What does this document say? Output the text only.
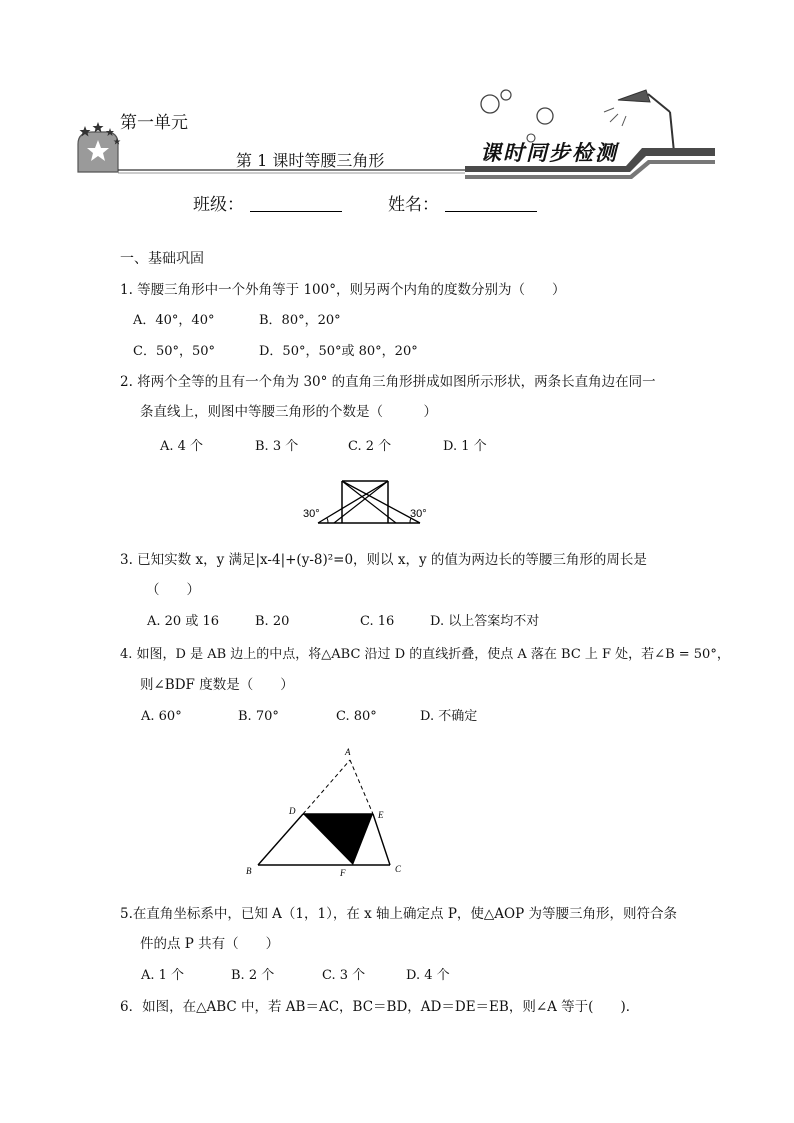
第一单元
第 1 课时等腰三角形	课时同步检测
班级：	姓名：
一、基础巩固
1. 等腰三角形中一个外角等于 100°，则另两个内角的度数分别为（　　）
A．40°，40°	B．80°，20°
C．50°，50°	D．50°，50°或 80°，20°
2. 将两个全等的且有一个角为 30° 的直角三角形拼成如图所示形状，两条长直角边在同一
条直线上，则图中等腰三角形的个数是（　　　）
A. 4 个	B. 3 个	C. 2 个	D. 1 个
30°	30°
3. 已知实数 x，y 满足|x-4|+(y-8)²=0，则以 x，y 的值为两边长的等腰三角形的周长是
（　　）
A. 20 或 16	B. 20	C. 16	D. 以上答案均不对
4. 如图，D 是 AB 边上的中点，将△ABC 沿过 D 的直线折叠，使点 A 落在 BC 上 F 处，若∠B = 50°，
则∠BDF 度数是（　　）
A. 60°	B. 70°	C. 80°	D. 不确定
A
D	E
B	F	C
5.在直角坐标系中，已知 A（1，1），在 x 轴上确定点 P，使△AOP 为等腰三角形，则符合条
件的点 P 共有（　　）
A. 1 个	B. 2 个	C. 3 个	D. 4 个
6．如图，在△ABC 中，若 AB＝AC，BC＝BD，AD＝DE＝EB，则∠A 等于(　　)．
